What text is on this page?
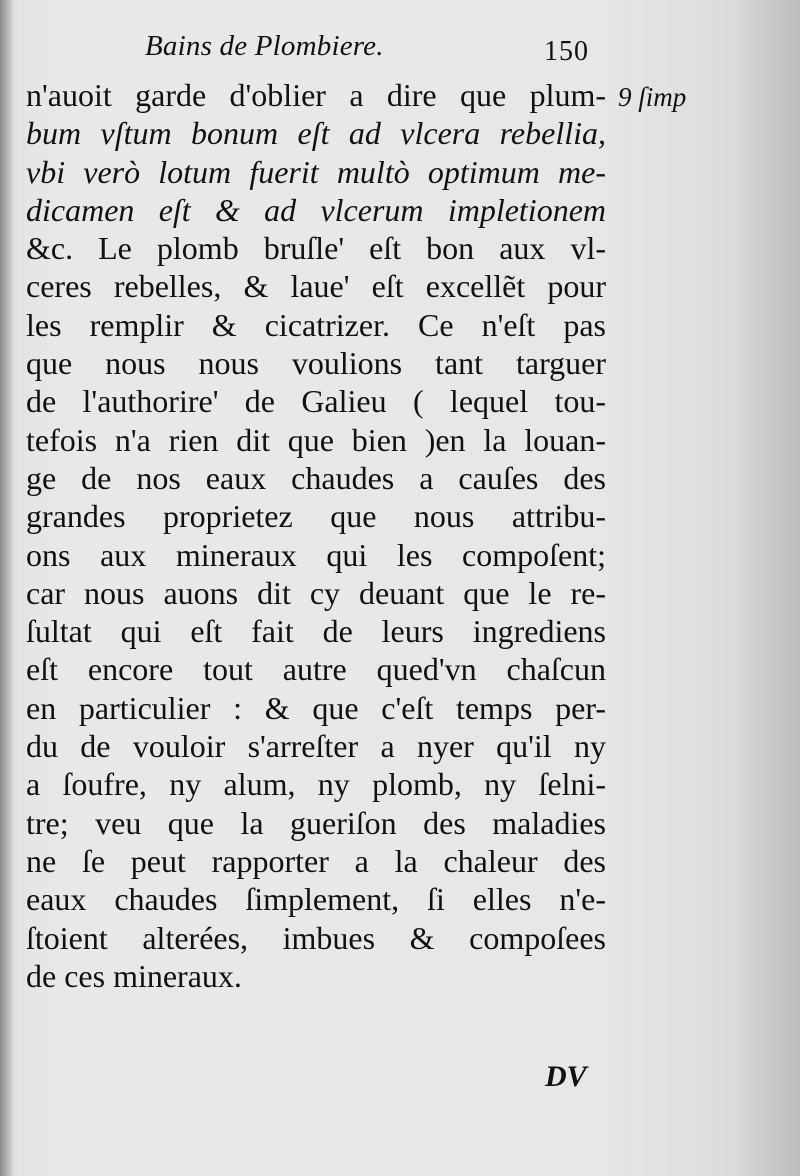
Bains de Plombiere.	150
9 ſimp
n'auoit garde d'oblier a dire que plum-
bum vſtum bonum eſt ad vlcera rebellia,
vbi verò lotum fuerit multò optimum me-
dicamen eſt & ad vlcerum impletionem
&c. Le plomb bruſle' eſt bon aux vl-
ceres rebelles, & laue' eſt excellẽt pour
les remplir & cicatrizer. Ce n'eſt pas
que nous nous voulions tant targuer
de l'authorire' de Galieu ( lequel tou-
tefois n'a rien dit que bien )en la louan-
ge de nos eaux chaudes a cauſes des
grandes proprietez que nous attribu-
ons aux mineraux qui les compoſent;
car nous auons dit cy deuant que le re-
ſultat qui eſt fait de leurs ingrediens
eſt encore tout autre qued'vn chaſcun
en particulier : & que c'eſt temps per-
du de vouloir s'arreſter a nyer qu'il ny
a ſoufre, ny alum, ny plomb, ny ſelni-
tre; veu que la gueriſon des maladies
ne ſe peut rapporter a la chaleur des
eaux chaudes ſimplement, ſi elles n'e-
ſtoient alterées, imbues & compoſees
de ces mineraux.
DV
